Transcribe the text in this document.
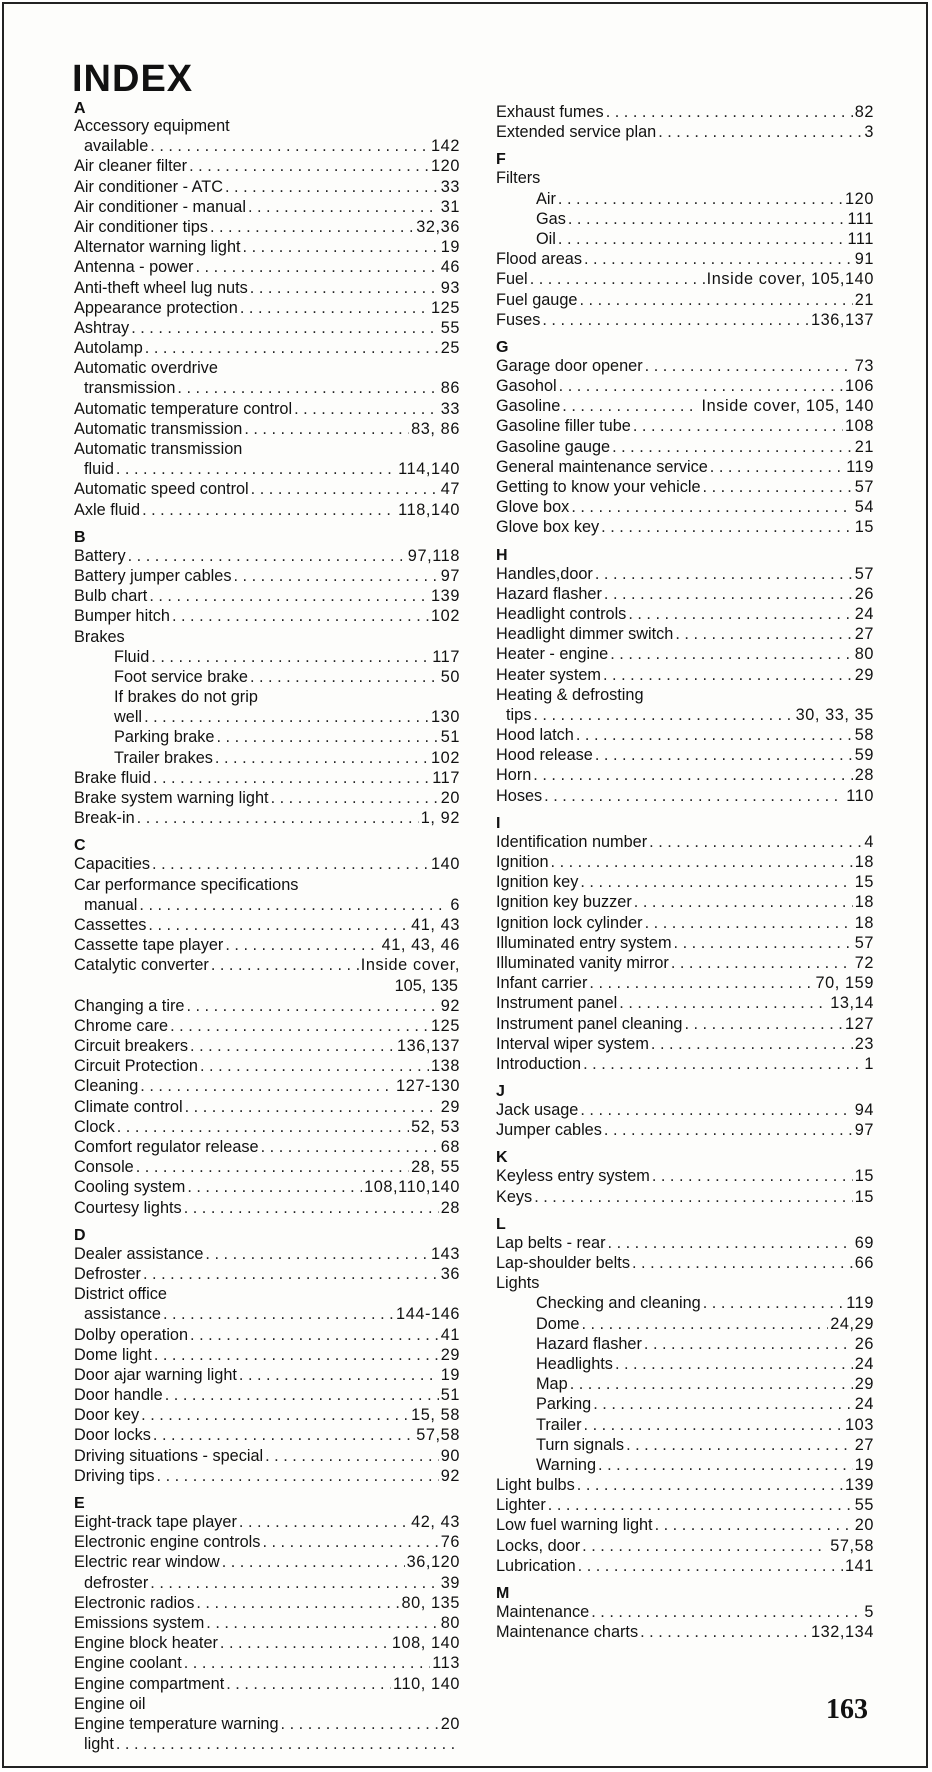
INDEX
A
Accessory equipment
available . . .	142
Air cleaner filter . . .	120
Air conditioner - ATC . . .	33
Air conditioner - manual . . .	31
Air conditioner tips . . .	32,36
Alternator warning light . . .	19
Antenna - power . . .	46
Anti-theft wheel lug nuts . . .	93
Appearance protection . . .	125
Ashtray . . .	55
Autolamp . . .	25
Automatic overdrive
transmission . . .	86
Automatic temperature control . . .	33
Automatic transmission . . .	83, 86
Automatic transmission
fluid . . .	114,140
Automatic speed control . . .	47
Axle fluid . . .	118,140
B
Battery . . .	97,118
Battery jumper cables . . .	97
Bulb chart . . .	139
Bumper hitch . . .	102
Brakes
Fluid . . .	117
Foot service brake . . .	50
If brakes do not grip
well . . .	130
Parking brake . . .	51
Trailer brakes . . .	102
Brake fluid . . .	117
Brake system warning light . . .	20
Break-in . . .	1, 92
C
Capacities . . .	140
Car performance specifications
manual . . .	6
Cassettes . . .	41, 43
Cassette tape player . . .	41, 43, 46
Catalytic converter . . .	Inside cover,
105, 135
Changing a tire . . .	92
Chrome care . . .	125
Circuit breakers . . .	136,137
Circuit Protection . . .	138
Cleaning . . .	127-130
Climate control . . .	29
Clock . . .	52, 53
Comfort regulator release . . .	68
Console . . .	28, 55
Cooling system . . .	108,110,140
Courtesy lights . . .	28
D
Dealer assistance . . .	143
Defroster . . .	36
District office
assistance . . .	144-146
Dolby operation . . .	41
Dome light . . .	29
Door ajar warning light . . .	19
Door handle . . .	51
Door key . . .	15, 58
Door locks . . .	57,58
Driving situations - special . . .	90
Driving tips . . .	92
E
Eight-track tape player . . .	42, 43
Electronic engine controls . . .	76
Electric rear window . . .	36,120
defroster . . .	39
Electronic radios . . .	80, 135
Emissions system . . .	80
Engine block heater . . .	108, 140
Engine coolant . . .	113
Engine compartment . . .	110, 140
Engine oil
Engine temperature warning . . .	20
light
. . .
Exhaust fumes . . .	82
Extended service plan . . .	3
F
Filters
Air . . .	120
Gas . . .	111
Oil . . .	111
Flood areas . . .	91
Fuel . . .	Inside cover, 105,140
Fuel gauge . . .	21
Fuses . . .	136,137
G
Garage door opener . . .	73
Gasohol . . .	106
Gasoline . . .	Inside cover, 105, 140
Gasoline filler tube . . .	108
Gasoline gauge . . .	21
General maintenance service . . .	119
Getting to know your vehicle . . .	57
Glove box . . .	54
Glove box key . . .	15
H
Handles,door . . .	57
Hazard flasher . . .	26
Headlight controls . . .	24
Headlight dimmer switch . . .	27
Heater - engine . . .	80
Heater system . . .	29
Heating & defrosting
tips . . .	30, 33, 35
Hood latch . . .	58
Hood release . . .	59
Horn . . .	28
Hoses . . .	110
I
Identification number . . .	4
Ignition . . .	18
Ignition key . . .	15
Ignition key buzzer . . .	18
Ignition lock cylinder . . .	18
Illuminated entry system . . .	57
Illuminated vanity mirror . . .	72
Infant carrier . . .	70, 159
Instrument panel . . .	13,14
Instrument panel cleaning . . .	127
Interval wiper system . . .	23
Introduction . . .	1
J
Jack usage . . .	94
Jumper cables . . .	97
K
Keyless entry system . . .	15
Keys . . .	15
L
Lap belts - rear . . .	69
Lap-shoulder belts . . .	66
Lights
Checking and cleaning . . .	119
Dome . . .	24,29
Hazard flasher . . .	26
Headlights . . .	24
Map . . .	29
Parking . . .	24
Trailer . . .	103
Turn signals . . .	27
Warning . . .	19
Light bulbs . . .	139
Lighter . . .	55
Low fuel warning light . . .	20
Locks, door . . .	57,58
Lubrication . . .	141
M
Maintenance . . .	5
Maintenance charts . . .	132,134
163
